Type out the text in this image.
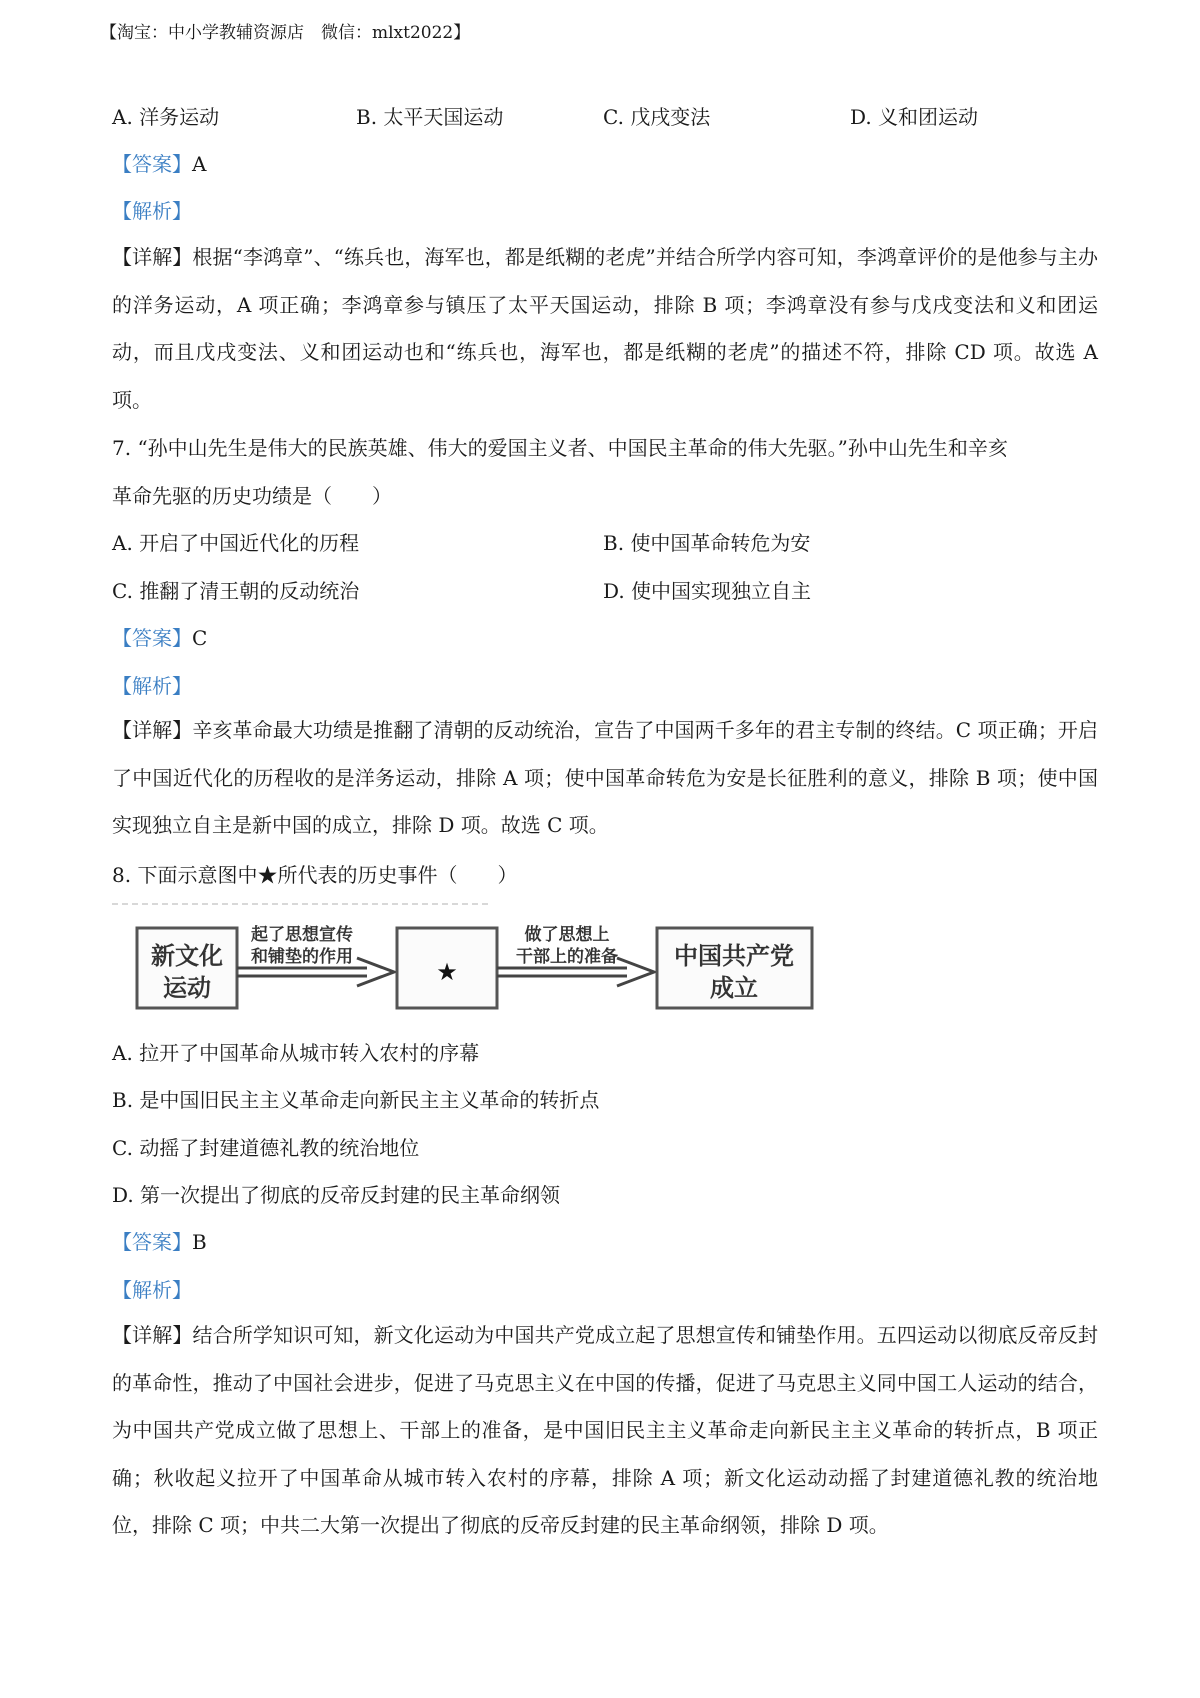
【淘宝：中小学教辅资源店　微信：mlxt2022】
A. 洋务运动	B. 太平天国运动	C. 戊戌变法	D. 义和团运动
【答案】A
【解析】
【详解】根据“李鸿章”、“练兵也，海军也，都是纸糊的老虎”并结合所学内容可知，李鸿章评价的是他参与主办的洋务运动，A 项正确；李鸿章参与镇压了太平天国运动，排除 B 项；李鸿章没有参与戊戌变法和义和团运动，而且戊戌变法、义和团运动也和“练兵也，海军也，都是纸糊的老虎”的描述不符，排除 CD 项。故选 A 项。
7. “孙中山先生是伟大的民族英雄、伟大的爱国主义者、中国民主革命的伟大先驱。”孙中山先生和辛亥
革命先驱的历史功绩是（　　）
A. 开启了中国近代化的历程	B. 使中国革命转危为安
C. 推翻了清王朝的反动统治	D. 使中国实现独立自主
【答案】C
【解析】
【详解】辛亥革命最大功绩是推翻了清朝的反动统治，宣告了中国两千多年的君主专制的终结。C 项正确；开启了中国近代化的历程收的是洋务运动，排除 A 项；使中国革命转危为安是长征胜利的意义，排除 B 项；使中国实现独立自主是新中国的成立，排除 D 项。故选 C 项。
8. 下面示意图中★所代表的历史事件（　　）
新文化
运动
起了思想宣传
和铺垫的作用
★
做了思想上
干部上的准备 中国共产党
成立
A. 拉开了中国革命从城市转入农村的序幕
B. 是中国旧民主主义革命走向新民主主义革命的转折点
C. 动摇了封建道德礼教的统治地位
D. 第一次提出了彻底的反帝反封建的民主革命纲领
【答案】B
【解析】
【详解】结合所学知识可知，新文化运动为中国共产党成立起了思想宣传和铺垫作用。五四运动以彻底反帝反封的革命性，推动了中国社会进步，促进了马克思主义在中国的传播，促进了马克思主义同中国工人运动的结合，为中国共产党成立做了思想上、干部上的准备，是中国旧民主主义革命走向新民主主义革命的转折点，B 项正确；秋收起义拉开了中国革命从城市转入农村的序幕，排除 A 项；新文化运动动摇了封建道德礼教的统治地位，排除 C 项；中共二大第一次提出了彻底的反帝反封建的民主革命纲领，排除 D 项。
